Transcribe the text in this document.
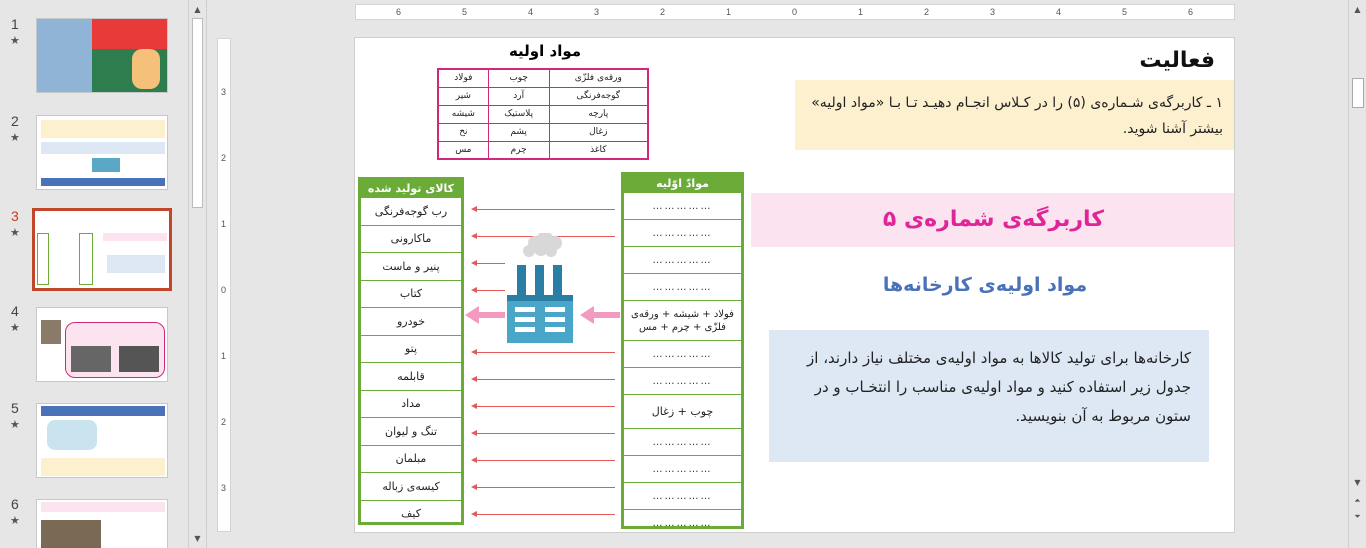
1
★
2
★
3
★
4
★
5
★
6
★
▲
▼
6	5	4	3	2	1	0	1	2	3	4	5	6
3
2
1
0
1
2
3
مواد اولیه
ورقه‌ی فلزّی	چوب	فولاد
گوجه‌فرنگی	آرد	شیر
پارچه	پلاستیک	شیشه
زغال	پشم	نخ
کاغذ	چرم	مس
فعالیت
۱ ـ کاربرگه‌ی شـماره‌ی (۵) را در کـلاس انجـام دهیـد تـا بـا «مواد اولیه» بیشتر آشنا شوید.
کاربرگه‌ی شماره‌ی ۵
مواد اولیه‌ی کارخانه‌ها
کارخانه‌ها برای تولید کالاها به مواد اولیه‌ی مختلف نیاز دارند، از جدول زیر استفاده کنید و مواد اولیه‌ی مناسب را انتخـاب و در ستون مربوط به آن بنویسید.
کالای تولید شده
رب گوجه‌فرنگی
ماکارونی
پنیر و ماست
کتاب
خودرو
پتو
قابلمه
مداد
تنگ و لیوان
مبلمان
کیسه‌ی زباله
کیف
موادّ اوّلیه
……………
……………
……………
……………
فولاد + شیشه + ورقه‌ی فلزّی + چرم + مس
……………
……………
چوب + زغال
……………
……………
……………
……………
▲
▼
⏶
⏷
